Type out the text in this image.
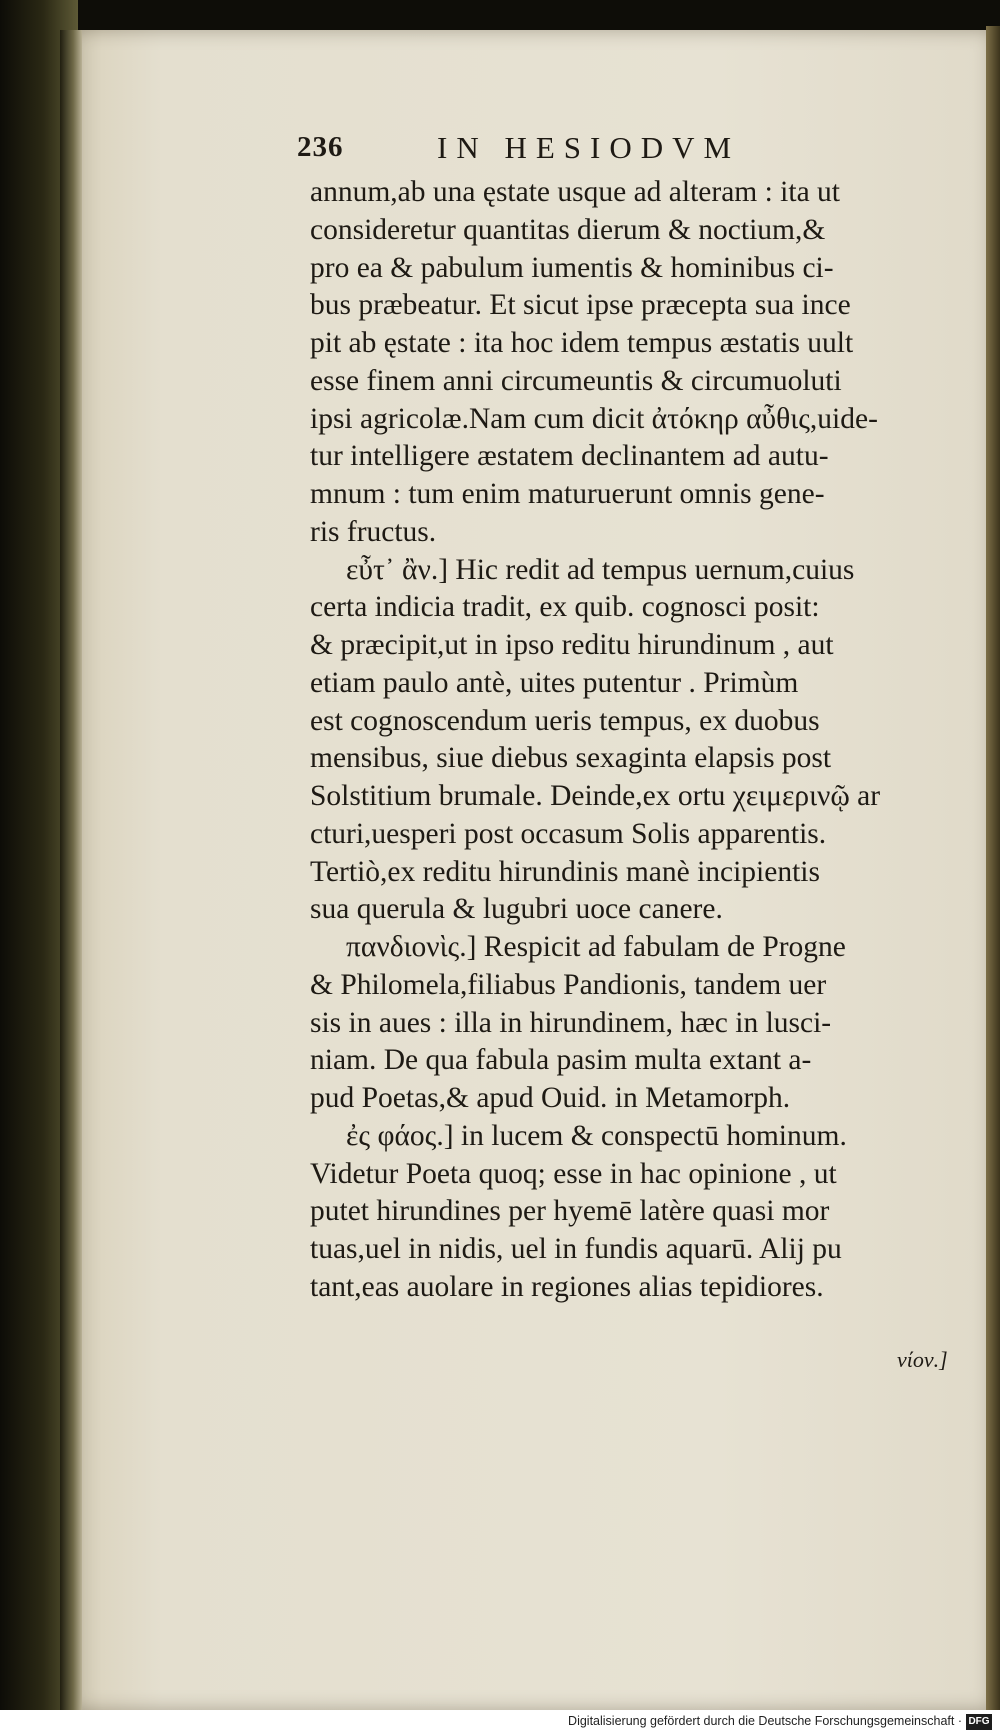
236	IN HESIODVM
annum,ab una ęstate usque ad alteram : ita ut
consideretur quantitas dierum & noctium,&
pro ea & pabulum iumentis & hominibus ci-
bus præbeatur. Et sicut ipse præcepta sua ince
pit ab ęstate : ita hoc idem tempus æstatis uult
esse finem anni circumeuntis & circumuoluti
ipsi agricolæ.Nam cum dicit ἀτόκηρ αὖθις,uide-
tur intelligere æstatem declinantem ad autu-
mnum : tum enim maturuerunt omnis gene-
ris fructus.
εὖτ᾽ ἂν.] Hic redit ad tempus uernum,cuius
certa indicia tradit, ex quib. cognosci posit:
& præcipit,ut in ipso reditu hirundinum , aut
etiam paulo antè, uites putentur . Primùm
est cognoscendum ueris tempus, ex duobus
mensibus, siue diebus sexaginta elapsis post
Solstitium brumale. Deinde,ex ortu χειμερινῷ ar
cturi,uesperi post occasum Solis apparentis.
Tertiò,ex reditu hirundinis manè incipientis
sua querula & lugubri uoce canere.
πανδιονὶς.] Respicit ad fabulam de Progne
& Philomela,filiabus Pandionis, tandem uer
sis in aues : illa in hirundinem, hæc in lusci-
niam. De qua fabula pasim multa extant a-
pud Poetas,& apud Ouid. in Metamorph.
ἐς φάος.] in lucem & conspectū hominum.
Videtur Poeta quoq; esse in hac opinione , ut
putet hirundines per hyemē latère quasi mor
tuas,uel in nidis, uel in fundis aquarū. Alij pu
tant,eas auolare in regiones alias tepidiores.
νίον.]
Digitalisierung gefördert durch die Deutsche Forschungsgemeinschaft · DFG
